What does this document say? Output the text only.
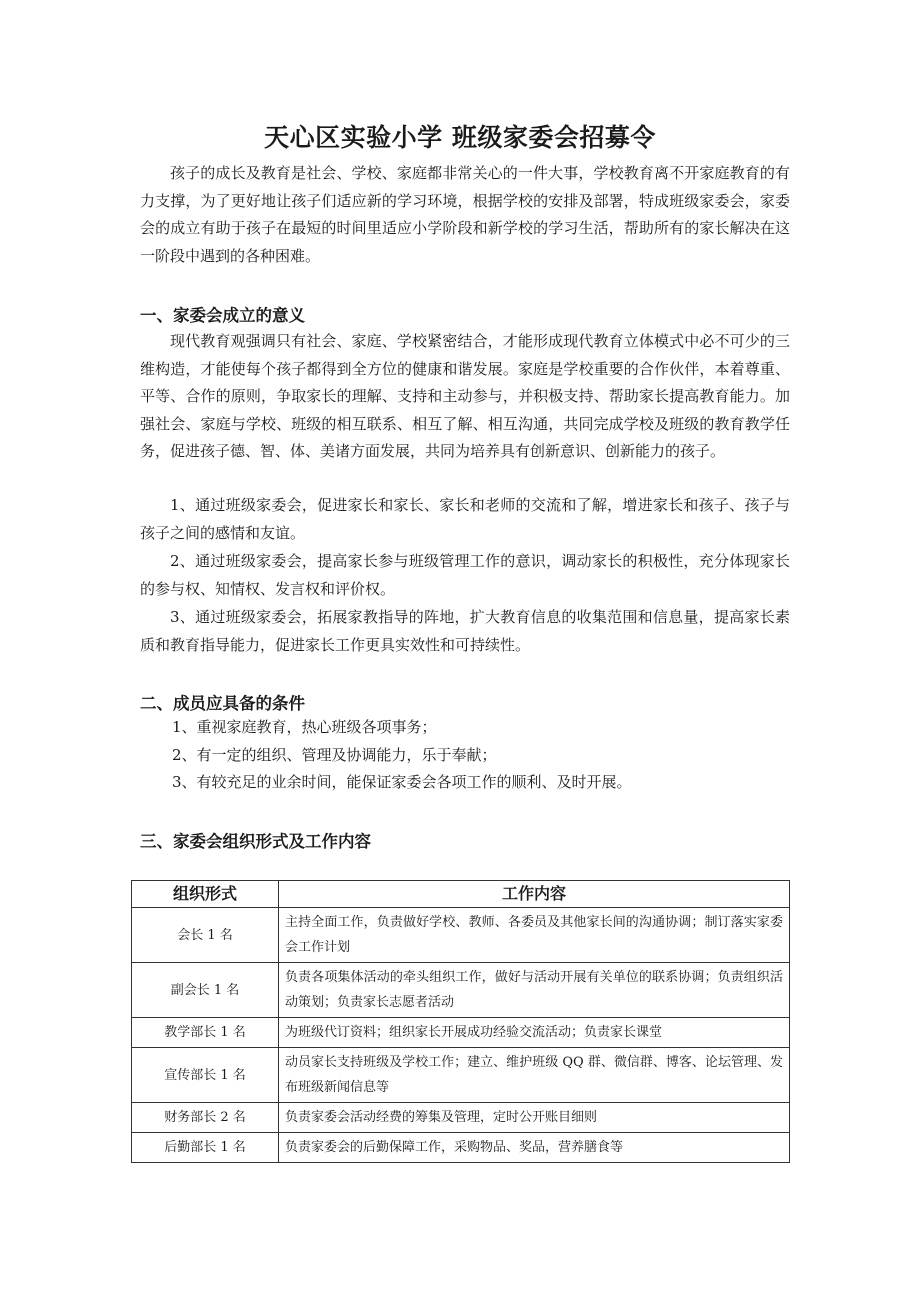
天心区实验小学 班级家委会招募令
孩子的成长及教育是社会、学校、家庭都非常关心的一件大事，学校教育离不开家庭教育的有力支撑，为了更好地让孩子们适应新的学习环境，根据学校的安排及部署，特成班级家委会，家委会的成立有助于孩子在最短的时间里适应小学阶段和新学校的学习生活，帮助所有的家长解决在这一阶段中遇到的各种困难。
一、家委会成立的意义
现代教育观强调只有社会、家庭、学校紧密结合，才能形成现代教育立体模式中必不可少的三维构造，才能使每个孩子都得到全方位的健康和谐发展。家庭是学校重要的合作伙伴，本着尊重、平等、合作的原则，争取家长的理解、支持和主动参与，并积极支持、帮助家长提高教育能力。加强社会、家庭与学校、班级的相互联系、相互了解、相互沟通，共同完成学校及班级的教育教学任务，促进孩子德、智、体、美诸方面发展，共同为培养具有创新意识、创新能力的孩子。
1、通过班级家委会，促进家长和家长、家长和老师的交流和了解，增进家长和孩子、孩子与孩子之间的感情和友谊。
2、通过班级家委会，提高家长参与班级管理工作的意识，调动家长的积极性，充分体现家长的参与权、知情权、发言权和评价权。
3、通过班级家委会，拓展家教指导的阵地，扩大教育信息的收集范围和信息量，提高家长素质和教育指导能力，促进家长工作更具实效性和可持续性。
二、成员应具备的条件
1、重视家庭教育，热心班级各项事务；
2、有一定的组织、管理及协调能力，乐于奉献；
3、有较充足的业余时间，能保证家委会各项工作的顺利、及时开展。
三、家委会组织形式及工作内容
组织形式	工作内容
会长 1 名	主持全面工作，负责做好学校、教师、各委员及其他家长间的沟通协调；制订落实家委会工作计划
副会长 1 名	负责各项集体活动的牵头组织工作，做好与活动开展有关单位的联系协调；负责组织活动策划；负责家长志愿者活动
教学部长 1 名	为班级代订资料；组织家长开展成功经验交流活动；负责家长课堂
宣传部长 1 名	动员家长支持班级及学校工作；建立、维护班级 QQ 群、微信群、博客、论坛管理、发布班级新闻信息等
财务部长 2 名	负责家委会活动经费的筹集及管理，定时公开账目细则
后勤部长 1 名	负责家委会的后勤保障工作，采购物品、奖品，营养膳食等
